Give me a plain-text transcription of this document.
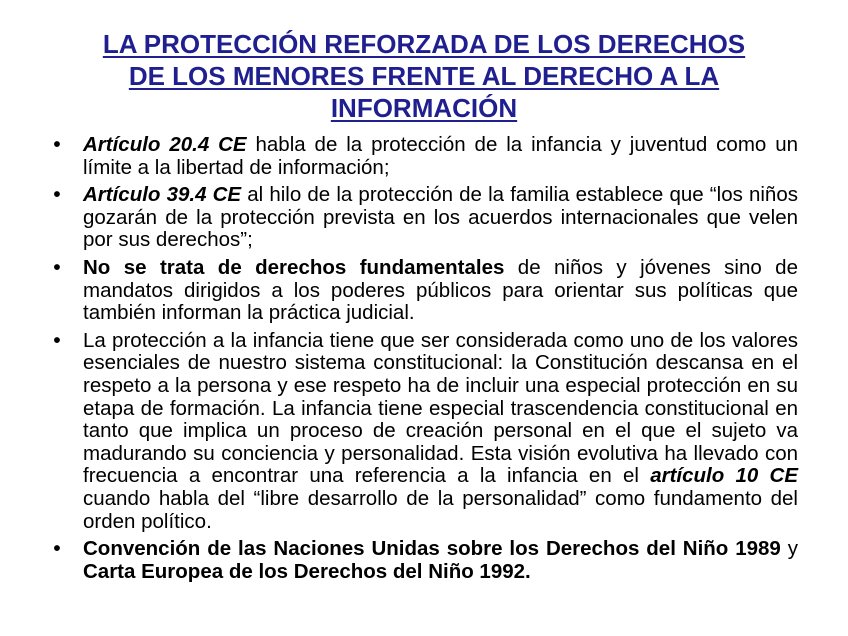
LA PROTECCIÓN REFORZADA DE LOS DERECHOS
DE LOS MENORES FRENTE AL DERECHO A LA
INFORMACIÓN
• Artículo 20.4 CE habla de la protección de la infancia y juventud como un límite a la libertad de información;
• Artículo 39.4 CE al hilo de la protección de la familia establece que “los niños gozarán de la protección prevista en los acuerdos internacionales que velen por sus derechos”;
• No se trata de derechos fundamentales de niños y jóvenes sino de mandatos dirigidos a los poderes públicos para orientar sus políticas que también informan la práctica judicial.
• La protección a la infancia tiene que ser considerada como uno de los valores esenciales de nuestro sistema constitucional: la Constitución descansa en el respeto a la persona y ese respeto ha de incluir una especial protección en su etapa de formación. La infancia tiene especial trascendencia constitucional en tanto que implica un proceso de creación personal en el que el sujeto va madurando su conciencia y personalidad. Esta visión evolutiva ha llevado con frecuencia a encontrar una referencia a la infancia en el artículo 10 CE cuando habla del “libre desarrollo de la personalidad” como fundamento del orden político.
• Convención de las Naciones Unidas sobre los Derechos del Niño 1989 y Carta Europea de los Derechos del Niño 1992.
